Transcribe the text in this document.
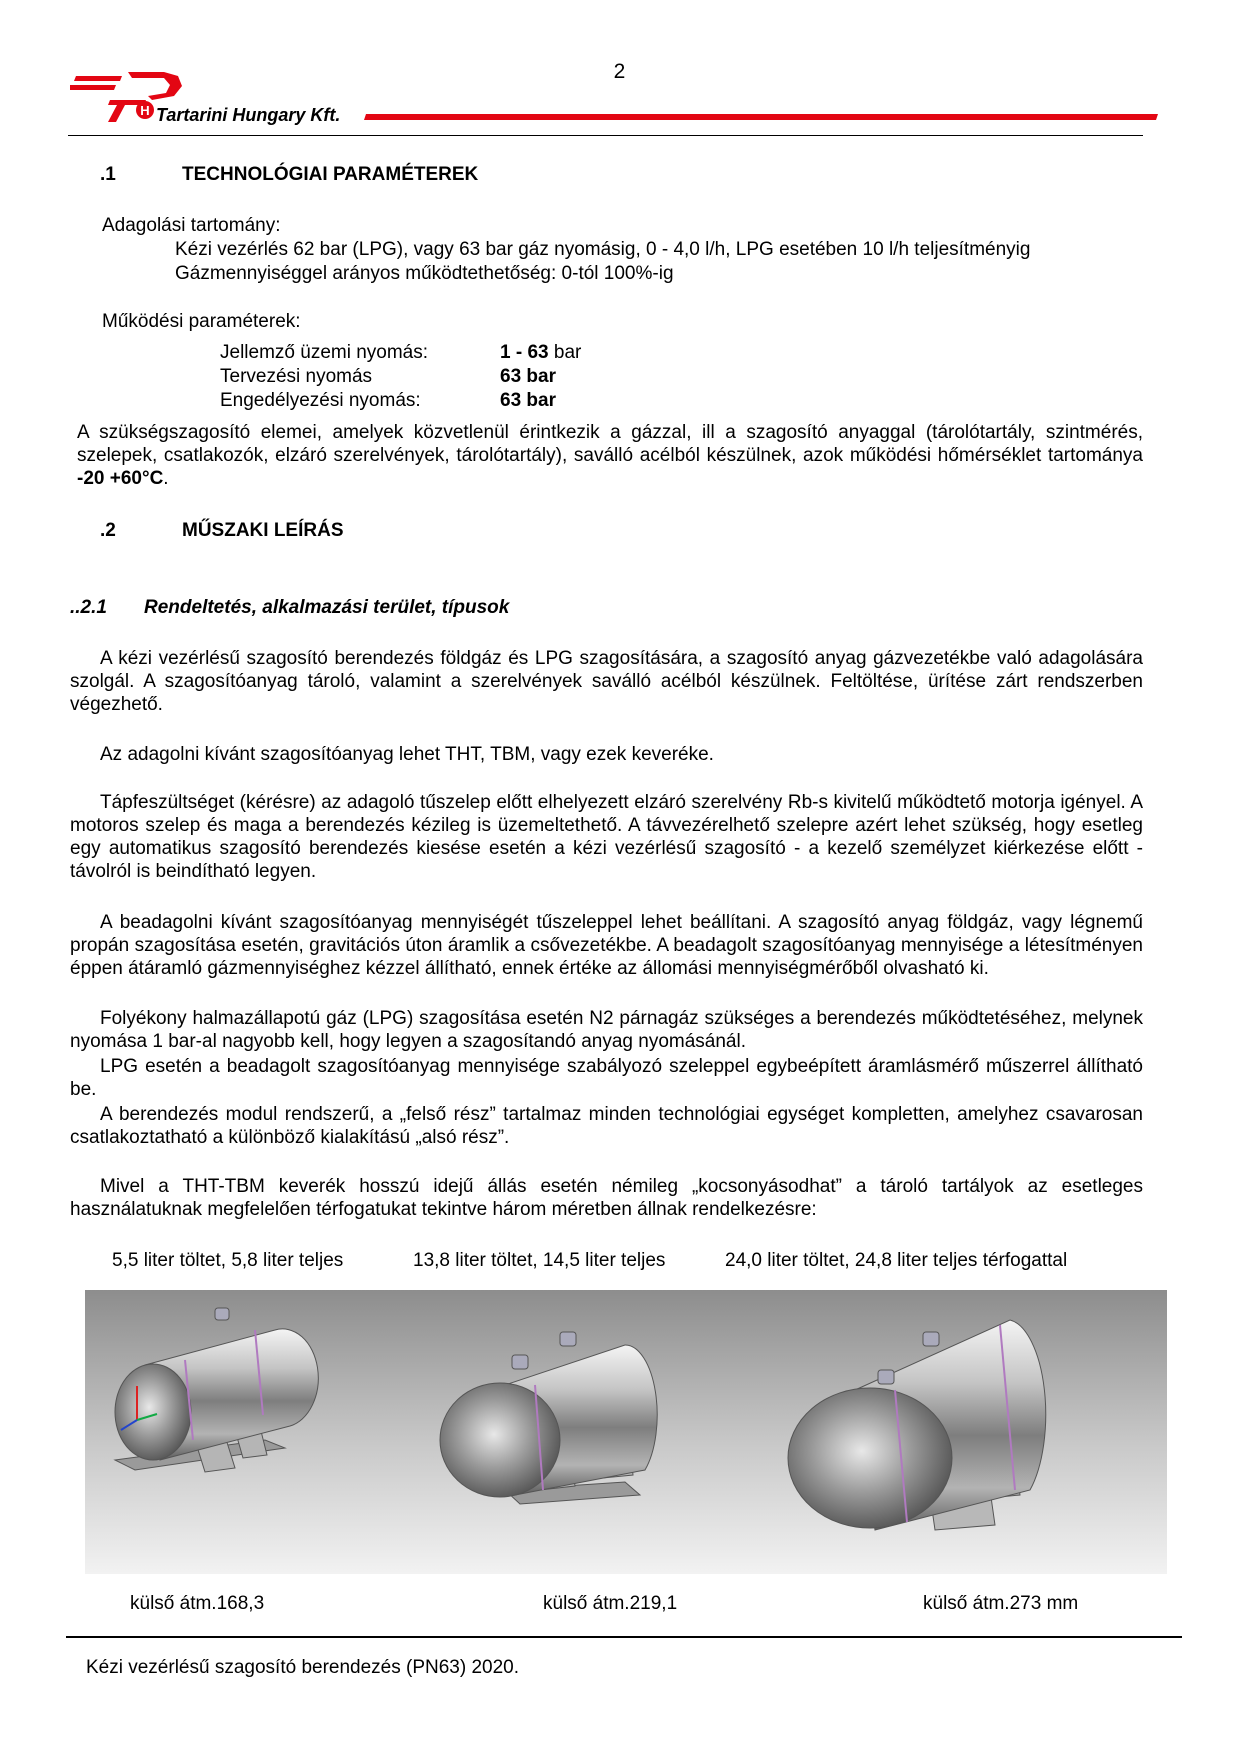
2
H Tartarini Hungary Kft.
.1	TECHNOLÓGIAI PARAMÉTEREK
Adagolási tartomány:
Kézi vezérlés 62 bar (LPG), vagy 63 bar gáz nyomásig, 0 - 4,0 l/h, LPG esetében 10 l/h teljesítményig
Gázmennyiséggel arányos működtethetőség: 0-tól 100%-ig
Működési paraméterek:
Jellemző üzemi nyomás:	1 - 63 bar
Tervezési nyomás	63 bar
Engedélyezési nyomás:	63 bar
A szükségszagosító elemei, amelyek közvetlenül érintkezik a gázzal, ill a szagosító anyaggal (tárolótartály, szintmérés, szelepek, csatlakozók, elzáró szerelvények, tárolótartály), saválló acélból készülnek, azok működési hőmérséklet tartománya -20 +60°C.
.2	MŰSZAKI LEÍRÁS
..2.1 Rendeltetés, alkalmazási terület, típusok
A kézi vezérlésű szagosító berendezés földgáz és LPG szagosítására, a szagosító anyag gázvezetékbe való adagolására szolgál. A szagosítóanyag tároló, valamint a szerelvények saválló acélból készülnek. Feltöltése, ürítése zárt rendszerben végezhető.
Az adagolni kívánt szagosítóanyag lehet THT, TBM, vagy ezek keveréke.
Tápfeszültséget (kérésre) az adagoló tűszelep előtt elhelyezett elzáró szerelvény Rb-s kivitelű működtető motorja igényel. A motoros szelep és maga a berendezés kézileg is üzemeltethető. A távvezérelhető szelepre azért lehet szükség, hogy esetleg egy automatikus szagosító berendezés kiesése esetén a kézi vezérlésű szagosító - a kezelő személyzet kiérkezése előtt - távolról is beindítható legyen.
A beadagolni kívánt szagosítóanyag mennyiségét tűszeleppel lehet beállítani. A szagosító anyag földgáz, vagy légnemű propán szagosítása esetén, gravitációs úton áramlik a csővezetékbe. A beadagolt szagosítóanyag mennyisége a létesítményen éppen átáramló gázmennyiséghez kézzel állítható, ennek értéke az állomási mennyiségmérőből olvasható ki.
Folyékony halmazállapotú gáz (LPG) szagosítása esetén N2 párnagáz szükséges a berendezés működtetéséhez, melynek nyomása 1 bar-al nagyobb kell, hogy legyen a szagosítandó anyag nyomásánál.
LPG esetén a beadagolt szagosítóanyag mennyisége szabályozó szeleppel egybeépített áramlásmérő műszerrel állítható be.
A berendezés modul rendszerű, a „felső rész” tartalmaz minden technológiai egységet kompletten, amelyhez csavarosan csatlakoztatható a különböző kialakítású „alsó rész”.
Mivel a THT-TBM keverék hosszú idejű állás esetén némileg „kocsonyásodhat” a tároló tartályok az esetleges használatuknak megfelelően térfogatukat tekintve három méretben állnak rendelkezésre:
5,5 liter töltet, 5,8 liter teljes	13,8 liter töltet, 14,5 liter teljes	24,0 liter töltet, 24,8 liter teljes térfogattal
külső átm.168,3	külső átm.219,1	külső átm.273 mm
Kézi vezérlésű szagosító berendezés (PN63) 2020.
